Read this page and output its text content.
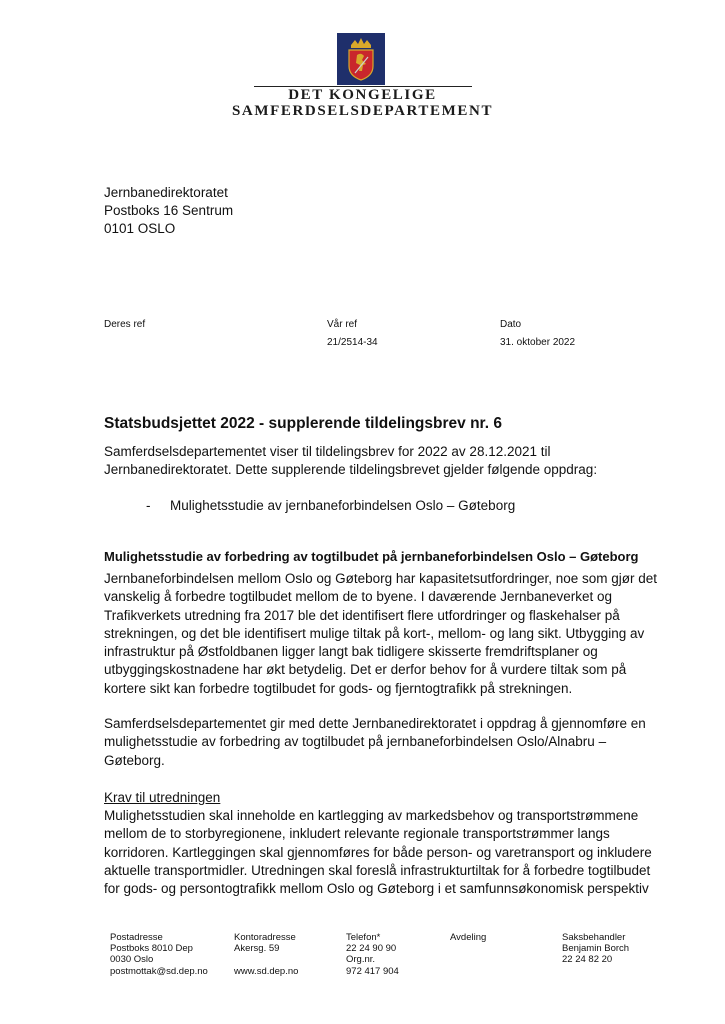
DET KONGELIGE
SAMFERDSELSDEPARTEMENT
Jernbanedirektoratet
Postboks 16 Sentrum
0101 OSLO
Deres ref	Vår ref
21/2514-34
Dato
31. oktober 2022
Statsbudsjettet 2022 - supplerende tildelingsbrev nr. 6
Samferdselsdepartementet viser til tildelingsbrev for 2022 av 28.12.2021 til
Jernbanedirektoratet. Dette supplerende tildelingsbrevet gjelder følgende oppdrag:
- Mulighetsstudie av jernbaneforbindelsen Oslo – Gøteborg
Mulighetsstudie av forbedring av togtilbudet på jernbaneforbindelsen Oslo – Gøteborg
Jernbaneforbindelsen mellom Oslo og Gøteborg har kapasitetsutfordringer, noe som gjør det
vanskelig å forbedre togtilbudet mellom de to byene. I daværende Jernbaneverket og
Trafikverkets utredning fra 2017 ble det identifisert flere utfordringer og flaskehalser på
strekningen, og det ble identifisert mulige tiltak på kort-, mellom- og lang sikt. Utbygging av
infrastruktur på Østfoldbanen ligger langt bak tidligere skisserte fremdriftsplaner og
utbyggingskostnadene har økt betydelig. Det er derfor behov for å vurdere tiltak som på
kortere sikt kan forbedre togtilbudet for gods- og fjerntogtrafikk på strekningen.
Samferdselsdepartementet gir med dette Jernbanedirektoratet i oppdrag å gjennomføre en
mulighetsstudie av forbedring av togtilbudet på jernbaneforbindelsen Oslo/Alnabru –
Gøteborg.
Krav til utredningen
Mulighetsstudien skal inneholde en kartlegging av markedsbehov og transportstrømmene
mellom de to storbyregionene, inkludert relevante regionale transportstrømmer langs
korridoren. Kartleggingen skal gjennomføres for både person- og varetransport og inkludere
aktuelle transportmidler. Utredningen skal foreslå infrastrukturtiltak for å forbedre togtilbudet
for gods- og persontogtrafikk mellom Oslo og Gøteborg i et samfunnsøkonomisk perspektiv
Postadresse
Postboks 8010 Dep
0030 Oslo
postmottak@sd.dep.no
Kontoradresse
Akersg. 59
www.sd.dep.no
Telefon*
22 24 90 90
Org.nr.
972 417 904
Avdeling	Saksbehandler
Benjamin Borch
22 24 82 20
